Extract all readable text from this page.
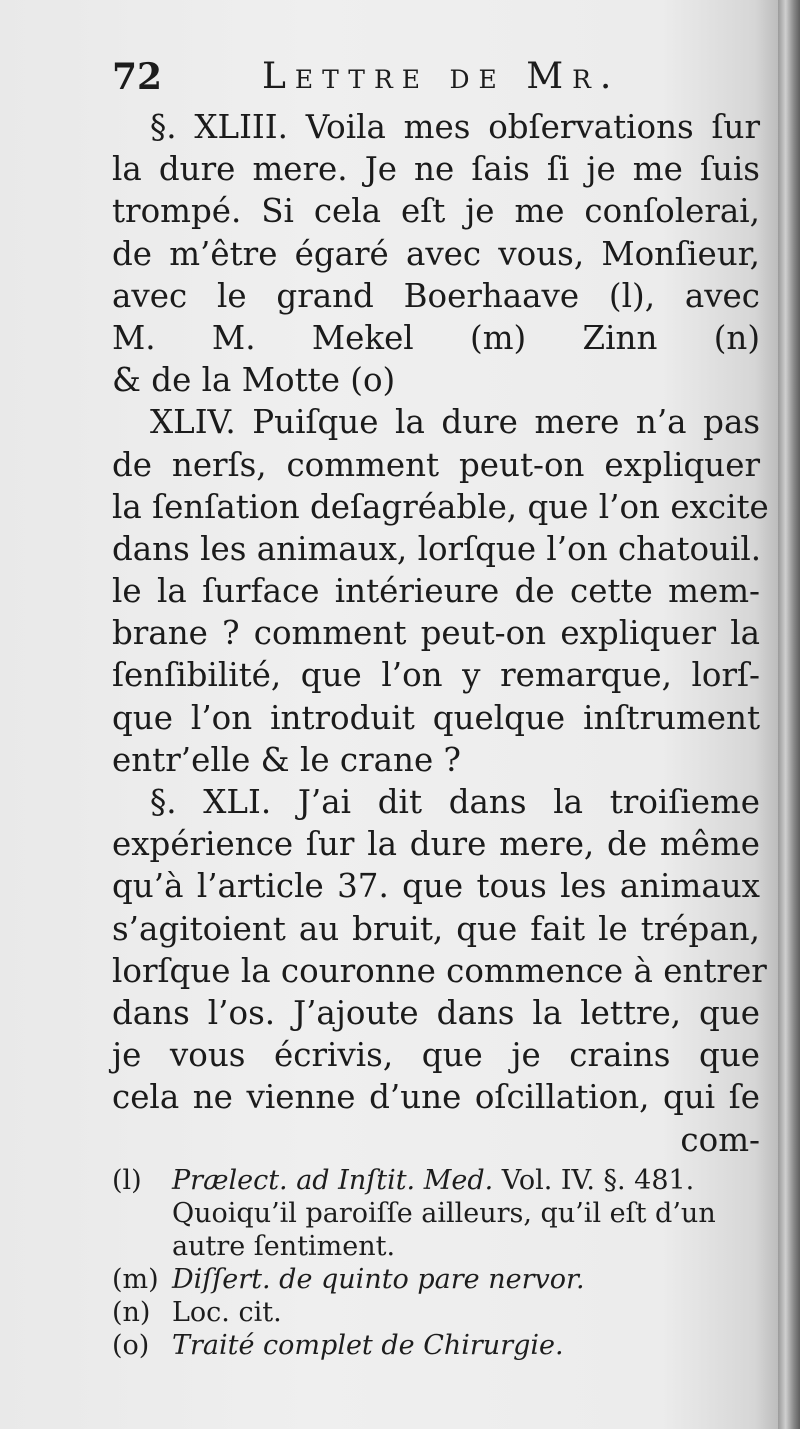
72	Lettre de Mr.
§. XLIII. Voila mes obſervations ſur
la dure mere. Je ne ſais ſi je me ſuis
trompé. Si cela eſt je me conſolerai,
de m’être égaré avec vous, Monſieur,
avec le grand Boerhaave (l), avec
M. M. Mekel (m) Zinn (n)
& de la Motte (o)
XLIV. Puiſque la dure mere n’a pas
de nerſs, comment peut-on expliquer
la ſenſation deſagréable, que l’on excite
dans les animaux, lorſque l’on chatouil.
le la ſurface intérieure de cette mem-
brane ? comment peut-on expliquer la
ſenſibilité, que l’on y remarque, lorſ-
que l’on introduit quelque inſtrument
entr’elle & le crane ?
§. XLI. J’ai dit dans la troiſieme
expérience ſur la dure mere, de même
qu’à l’article 37. que tous les animaux
s’agitoient au bruit, que fait le trépan,
lorſque la couronne commence à entrer
dans l’os. J’ajoute dans la lettre, que
je vous écrivis, que je crains que
cela ne vienne d’une oſcillation, qui ſe
com-
(l) Prælect. ad Inſtit. Med. Vol. IV. §. 481.
Quoiqu’il paroiſſe ailleurs, qu’il eſt d’un
autre ſentiment.
(m) Diſſert. de quinto pare nervor.
(n) Loc. cit.
(o) Traité complet de Chirurgie.
